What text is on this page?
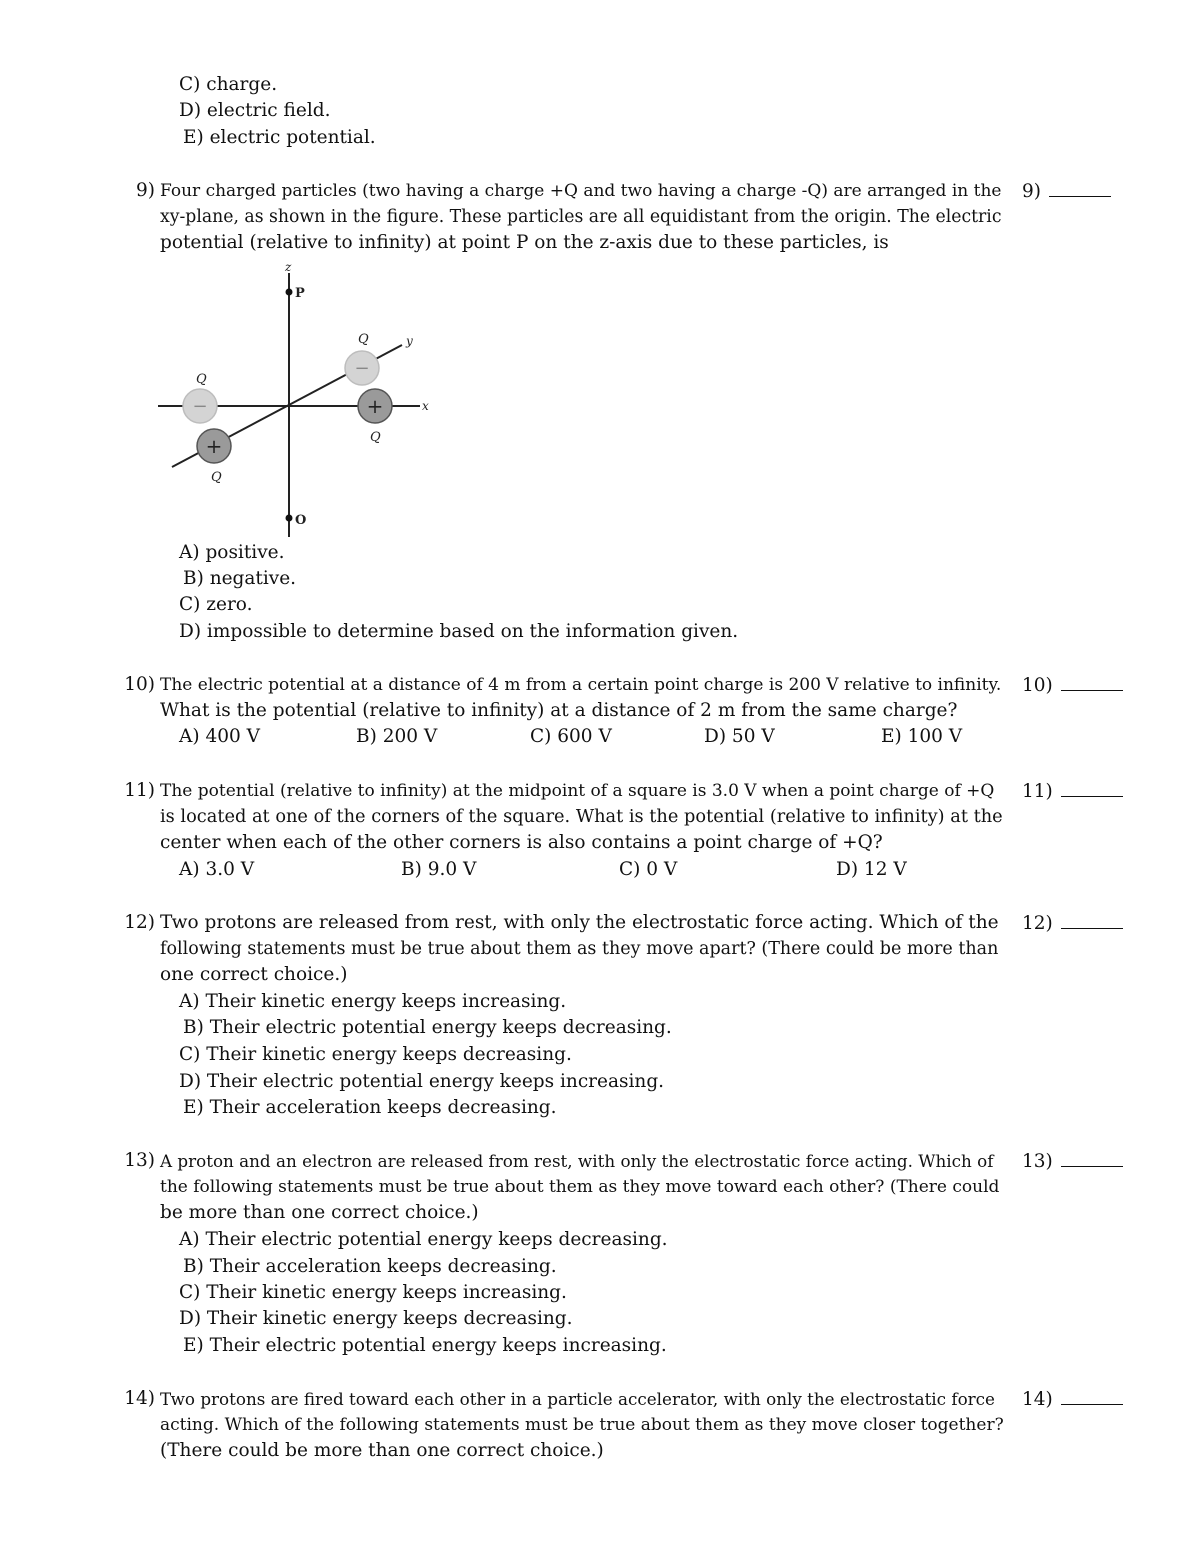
C) charge.
D) electric field.
E) electric potential.
9) Four charged particles (two having a charge +Q and two having a charge -Q) are arranged in the
xy-plane, as shown in the figure. These particles are all equidistant from the origin. The electric
potential (relative to infinity) at point P on the z-axis due to these particles, is
9)
z
x
y
P
O
−
Q
+
Q
−
Q
+
Q
A) positive.
B) negative.
C) zero.
D) impossible to determine based on the information given.
10) The electric potential at a distance of 4 m from a certain point charge is 200 V relative to infinity.
What is the potential (relative to infinity) at a distance of 2 m from the same charge?
10)
A) 400 V	B) 200 V	C) 600 V	D) 50 V	E) 100 V
11) The potential (relative to infinity) at the midpoint of a square is 3.0 V when a point charge of +Q
is located at one of the corners of the square. What is the potential (relative to infinity) at the
center when each of the other corners is also contains a point charge of +Q?
11)
A) 3.0 V	B) 9.0 V	C) 0 V	D) 12 V
12) Two protons are released from rest, with only the electrostatic force acting. Which of the
following statements must be true about them as they move apart? (There could be more than
one correct choice.)
12)
A) Their kinetic energy keeps increasing.
B) Their electric potential energy keeps decreasing.
C) Their kinetic energy keeps decreasing.
D) Their electric potential energy keeps increasing.
E) Their acceleration keeps decreasing.
13) A proton and an electron are released from rest, with only the electrostatic force acting. Which of
the following statements must be true about them as they move toward each other? (There could
be more than one correct choice.)
13)
A) Their electric potential energy keeps decreasing.
B) Their acceleration keeps decreasing.
C) Their kinetic energy keeps increasing.
D) Their kinetic energy keeps decreasing.
E) Their electric potential energy keeps increasing.
14) Two protons are fired toward each other in a particle accelerator, with only the electrostatic force
acting. Which of the following statements must be true about them as they move closer together?
(There could be more than one correct choice.)
14)
